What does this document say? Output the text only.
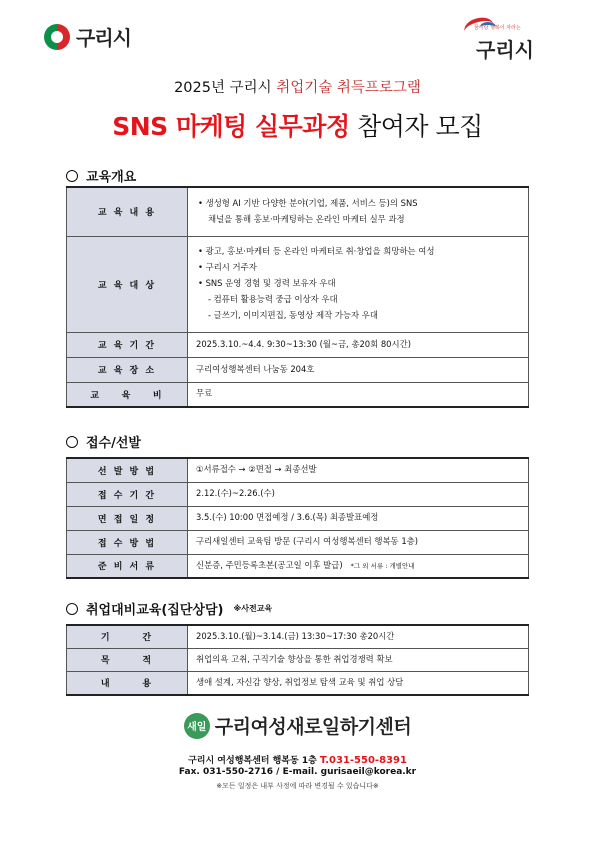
구리시	꿈이랑 행복이 자라는
구리시
2025년 구리시 취업기술 취득프로그램
SNS 마케팅 실무과정 참여자 모집
교육개요
교 육 내 용	• 생성형 AI 기반 다양한 분야(기업, 제품, 서비스 등)의 SNS
채널을 통해 홍보·마케팅하는 온라인 마케터 실무 과정

교 육 대 상	• 광고, 홍보·마케터 등 온라인 마케터로 취·창업을 희망하는 여성
• 구리시 거주자
• SNS 운영 경험 및 경력 보유자 우대
- 컴퓨터 활용능력 중급 이상자 우대
- 글쓰기, 이미지편집, 동영상 제작 가능자 우대

교 육 기 간	2025.3.10.~4.4. 9:30~13:30 (월~금, 총20회 80시간)
교 육 장 소	구리여성행복센터 나눔동 204호
교    육    비	무료
접수/선발
선 발 방 법	①서류접수 → ②면접 → 최종선발
접 수 기 간	2.12.(수)~2.26.(수)
면 접 일 정	3.5.(수) 10:00 면접예정 / 3.6.(목) 최종발표예정
접 수 방 법	구리새일센터 교육팀 방문 (구리시 여성행복센터 행복동 1층)
준 비 서 류	신분증, 주민등록초본(공고일 이후 발급) *그 외 서류 : 개별안내
취업대비교육(집단상담) ※사전교육
기      간	2025.3.10.(월)~3.14.(금) 13:30~17:30 총20시간
목      적	취업의욕 고취, 구직기술 향상을 통한 취업경쟁력 확보
내      용	생애 설계, 자신감 향상, 취업정보 탐색 교육 및 취업 상담
새일 구리여성새로일하기센터
구리시 여성행복센터 행복동 1층 T.031-550-8391
Fax. 031-550-2716 / E-mail. gurisaeil@korea.kr
※모든 일정은 내부 사정에 따라 변경될 수 있습니다※
